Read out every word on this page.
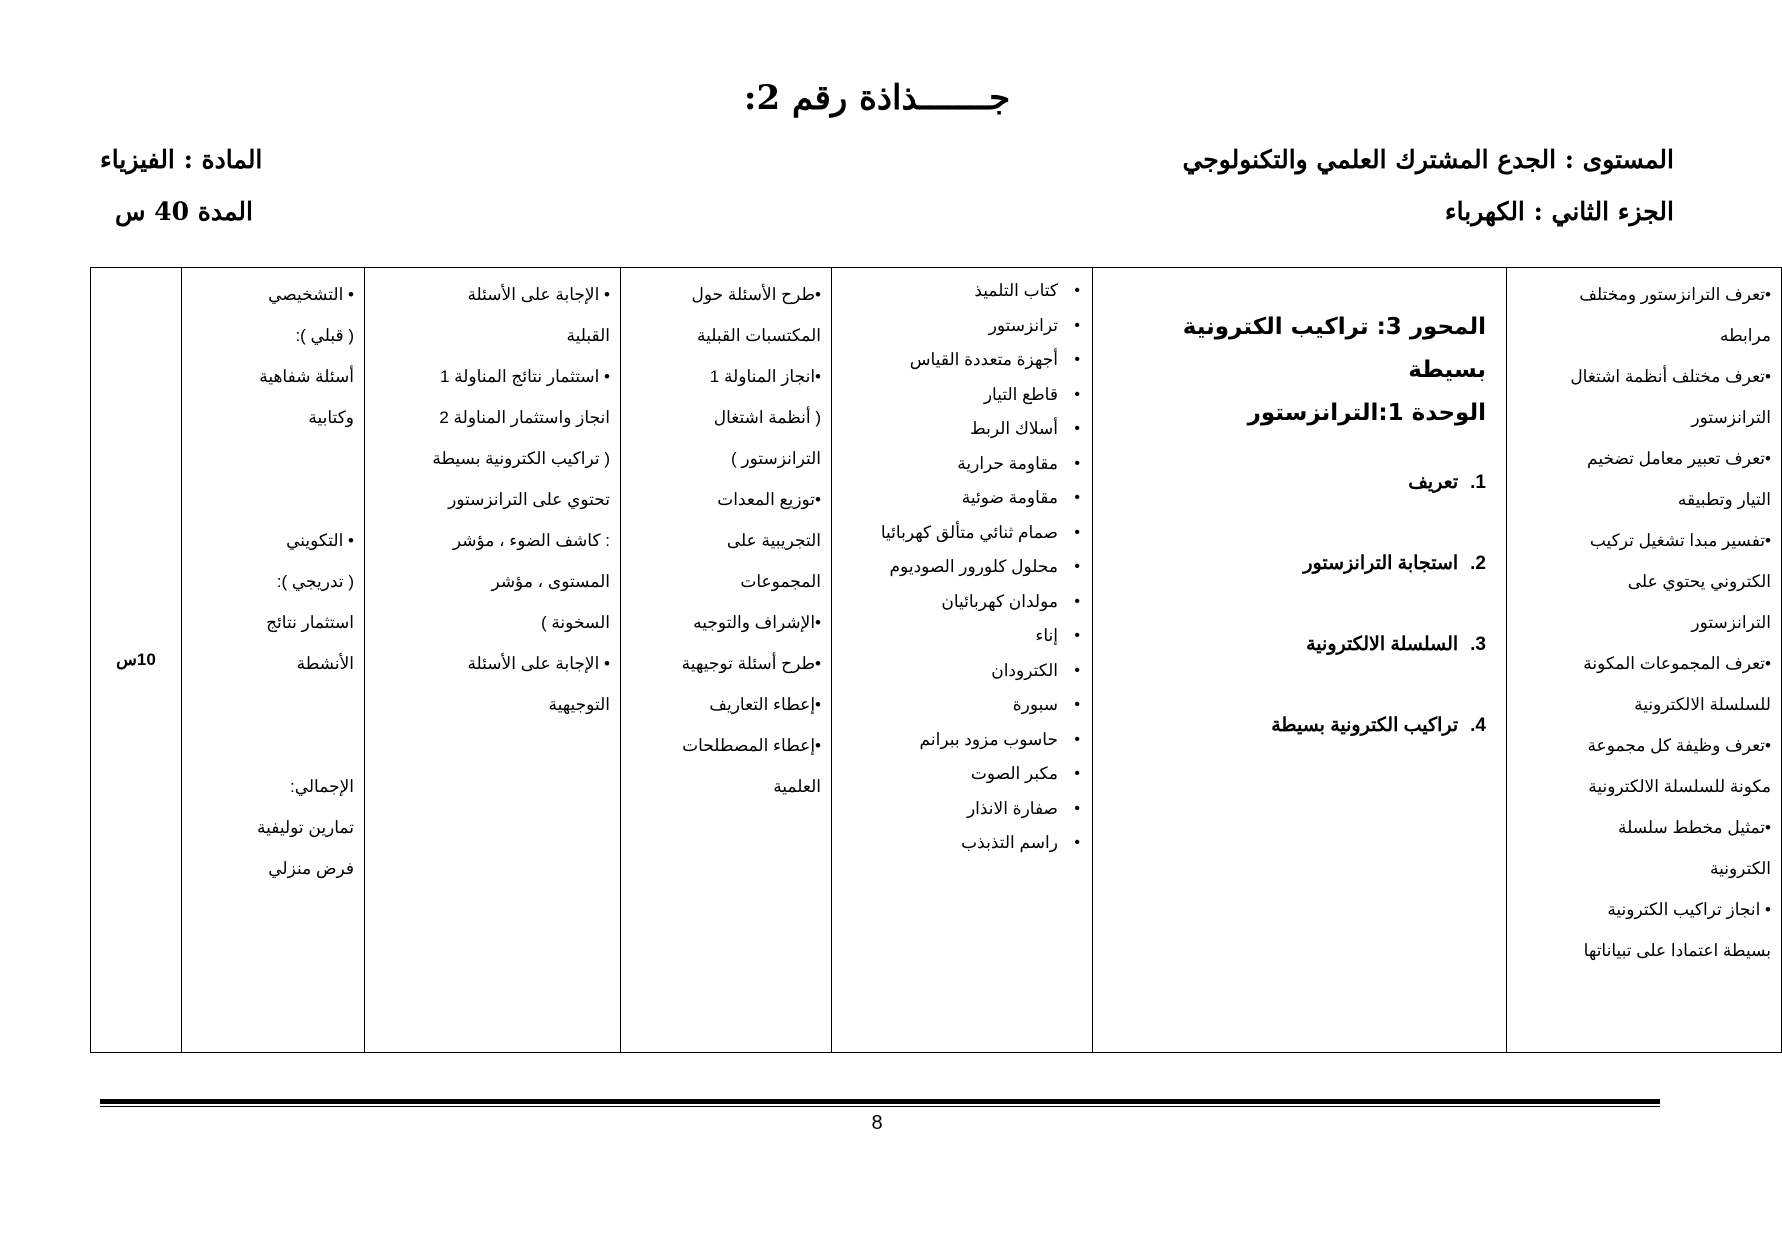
جـــــــذاذة رقم 2:
المستوى : الجدع المشترك العلمي والتكنولوجي
المادة : الفيزياء
الجزء الثاني : الكهرباء
المدة 40 س
•تعرف الترانزستور ومختلف
مرابطه
•تعرف مختلف أنظمة اشتغال
الترانزستور
•تعرف تعبير معامل تضخيم
التيار وتطبيقه
•تفسير مبدا تشغيل تركيب
الكتروني يحتوي على
الترانزستور
•تعرف المجموعات المكونة
للسلسلة الالكترونية
•تعرف وظيفة كل مجموعة
مكونة للسلسلة الالكترونية
•تمثيل مخطط سلسلة
الكترونية
• انجاز تراكيب الكترونية
بسيطة اعتمادا على تبياناتها

المحور 3: تراكيب الكترونية بسيطة
الوحدة 1:الترانزستور
1.تعريف
2.استجابة الترانزستور
3.السلسلة الالكترونية
4.تراكيب الكترونية بسيطة

• كتاب التلميذ
• ترانزستور
• أجهزة متعددة القياس
• قاطع التيار
• أسلاك الربط
• مقاومة حرارية
• مقاومة ضوئية
• صمام ثنائي متألق كهربائيا
• محلول كلورور الصوديوم
• مولدان كهربائيان
• إناء
• الكترودان
• سبورة
• حاسوب مزود ببرانم
• مكبر الصوت
• صفارة الانذار
• راسم التذبذب

•طرح الأسئلة حول
المكتسبات القبلية
•انجاز المناولة 1
( أنظمة اشتغال
الترانزستور )
•توزيع المعدات
التجريبية على
المجموعات
•الإشراف والتوجيه
•طرح أسئلة توجيهية
•إعطاء التعاريف
•إعطاء المصطلحات
العلمية

• الإجابة على الأسئلة
القبلية
• استثمار نتائج المناولة 1
انجاز واستثمار المناولة 2
( تراكيب الكترونية بسيطة
تحتوي على الترانزستور
: كاشف الضوء ، مؤشر
المستوى ، مؤشر
السخونة )
• الإجابة على الأسئلة
التوجيهية

• التشخيصي
( قبلي ):
أسئلة شفاهية
وكتابية
• التكويني
( تدريجي ):
استثمار نتائج
الأنشطة
الإجمالي:
تمارين توليفية
فرض منزلي
	10س
8
